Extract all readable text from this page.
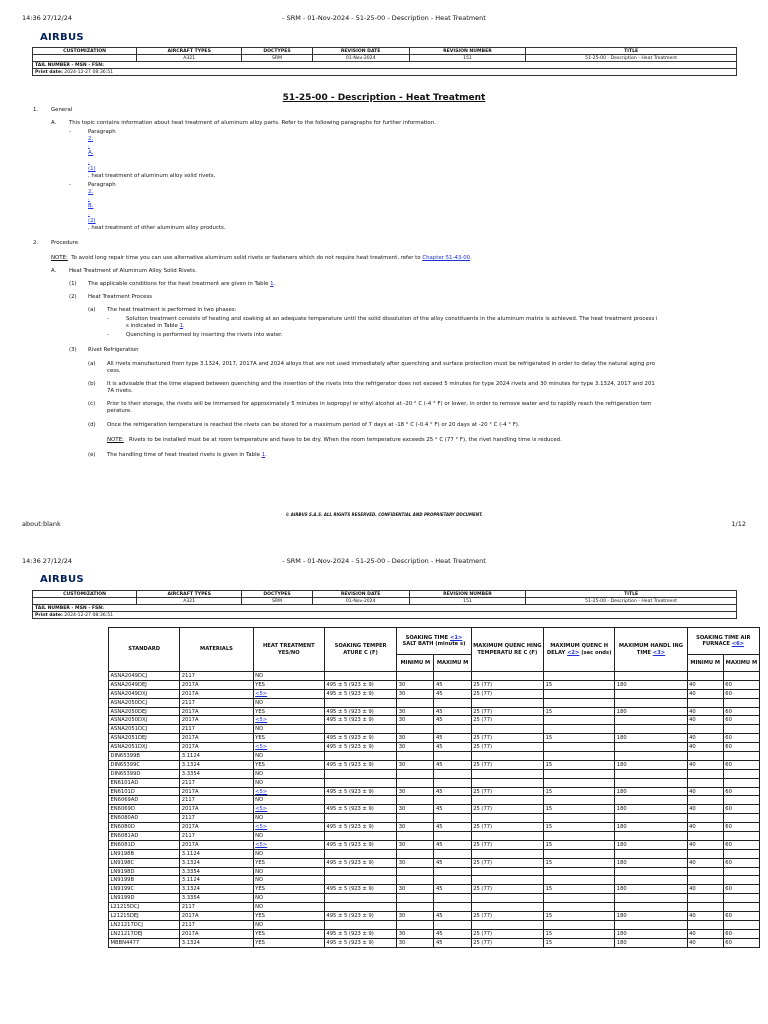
14:36 27/12/24	- SRM - 01-Nov-2024 - 51-25-00 - Description - Heat Treatment
AIRBUS
CUSTOMIZATION	AIRCRAFT TYPES	DOCTYPES	REVISION DATE	REVISION NUMBER	TITLE
	A321	SRM	01-Nov-2024	151	51-25-00 - Description - Heat Treatment
TAIL NUMBER - MSN - FSN:					
Print date: 2024-12-27 08:36:51					
51-25-00 - Description - Heat Treatment
1. General
A. This topic contains information about heat treatment of aluminum alloy parts. Refer to the following paragraphs for further information.
-	Paragraph
2.
.
A.
.
(1)
, heat treatment of aluminum alloy solid rivets,
-	Paragraph
2.
.
B.
.
(2)
, heat treatment of other aluminum alloy products.
2. Procedure
NOTE: To avoid long repair time you can use alternative aluminum solid rivets or fasteners which do not require heat treatment, refer to Chapter 51-43-00.
A. Heat Treatment of Aluminum Alloy Solid Rivets.
(1) The applicable conditions for the heat treatment are given in Table 1.
(2) Heat Treatment Process
(a) The heat treatment is performed in two phases:
-	Solution treatment consists of heating and soaking at an adequate temperature until the solid dissolution of the alloy constituents in the aluminum matrix is achieved. The heat treatment process i
s indicated in Table 1.
-	Quenching is performed by inserting the rivets into water.
(3) Rivet Refrigeration
(a) All rivets manufactured from type 3.1324, 2017, 2017A and 2024 alloys that are not used immediately after quenching and surface protection must be refrigerated in order to delay the natural aging pro
cess.
(b) It is advisable that the time elapsed between quenching and the insertion of the rivets into the refrigerator does not exceed 5 minutes for type 2024 rivets and 30 minutes for type 3.1324, 2017 and 201
7A rivets.
(c) Prior to their storage, the rivets will be immersed for approximately 5 minutes in isopropyl or ethyl alcohol at -20 ° C (-4 ° F) or lower, in order to remove water and to rapidly reach the refrigeration tem
perature.
(d) Once the refrigeration temperature is reached the rivets can be stored for a maximum period of 7 days at -18 ° C (-0.4 ° F) or 20 days at -20 ° C (-4 ° F).
NOTE: Rivets to be installed must be at room temperature and have to be dry. When the room temperature exceeds 25 ° C (77 ° F), the rivet handling time is reduced.
(e) The handling time of heat treated rivets is given in Table 1.
© AIRBUS S.A.S. ALL RIGHTS RESERVED. CONFIDENTIAL AND PROPRIETARY DOCUMENT.
about:blank	1/12
14:36 27/12/24	- SRM - 01-Nov-2024 - 51-25-00 - Description - Heat Treatment
AIRBUS
CUSTOMIZATION	AIRCRAFT TYPES	DOCTYPES	REVISION DATE	REVISION NUMBER	TITLE
	A321	SRM	01-Nov-2024	151	51-25-00 - Description - Heat Treatment
TAIL NUMBER - MSN - FSN:					
Print date: 2024-12-27 08:36:51					
STANDARD	MATERIALS	HEAT TREATMENT YES/NO	SOAKING TEMPER ATURE C (F)	SOAKING TIME <1> SALT BATH (minute s)		MAXIMUM QUENC HING TEMPERATU RE C (F)	MAXIMUM QUENC H DELAY <2> (sec onds)	MAXIMUM HANDL ING TIME <3>	SOAKING TIME AIR FURNACE <6>	
				MINIMU M	MAXIMU M				MINIMU M	MAXIMU M
ASNA2049DCJ	2117	NO								
ASNA2049DEJ	2017A	YES	495 ± 5 (923 ± 9)	30	45	25 (77)	15	180	40	60
ASNA2049DXJ	2017A	<5>	495 ± 5 (923 ± 9)	30	45	25 (77)			40	60
ASNA2050DCJ	2117	NO								
ASNA2050DEJ	2017A	YES	495 ± 5 (923 ± 9)	30	45	25 (77)	15	180	40	60
ASNA2050DXJ	2017A	<5>	495 ± 5 (923 ± 9)	30	45	25 (77)			40	60
ASNA2051DCJ	2117	NO								
ASNA2051DEJ	2017A	YES	495 ± 5 (923 ± 9)	30	45	25 (77)	15	180	40	60
ASNA2051DXJ	2017A	<5>	495 ± 5 (923 ± 9)	30	45	25 (77)			40	60
DIN65399B	3.1124	NO								
DIN65399C	3.1324	YES	495 ± 5 (923 ± 9)	30	45	25 (77)	15	180	40	60
DIN65399D	3.3354	NO								
EN6101AD	2117	NO								
EN6101D	2017A	<5>	495 ± 5 (923 ± 9)	30	45	25 (77)	15	180	40	60
EN6069AD	2117	NO								
EN6069D	2017A	<5>	495 ± 5 (923 ± 9)	30	45	25 (77)	15	180	40	60
EN6080AD	2117	NO								
EN6080D	2017A	<5>	495 ± 5 (923 ± 9)	30	45	25 (77)	15	180	40	60
EN6081AD	2117	NO								
EN6081D	2017A	<5>	495 ± 5 (923 ± 9)	30	45	25 (77)	15	180	40	60
LN9198B	3.1124	NO								
LN9198C	3.1324	YES	495 ± 5 (923 ± 9)	30	45	25 (77)	15	180	40	60
LN9198D	3.3354	NO								
LN9199B	3.1124	NO								
LN9199C	3.1324	YES	495 ± 5 (923 ± 9)	30	45	25 (77)	15	180	40	60
LN9199D	3.3354	NO								
L21215DCJ	2117	NO								
L21215DEJ	2017A	YES	495 ± 5 (923 ± 9)	30	45	25 (77)	15	180	40	60
LN21217DCJ	2117	NO								
LN21217DEJ	2017A	YES	495 ± 5 (923 ± 9)	30	45	25 (77)	15	180	40	60
MBBN4477	3.1324	YES	495 ± 5 (923 ± 9)	30	45	25 (77)	15	180	40	60
